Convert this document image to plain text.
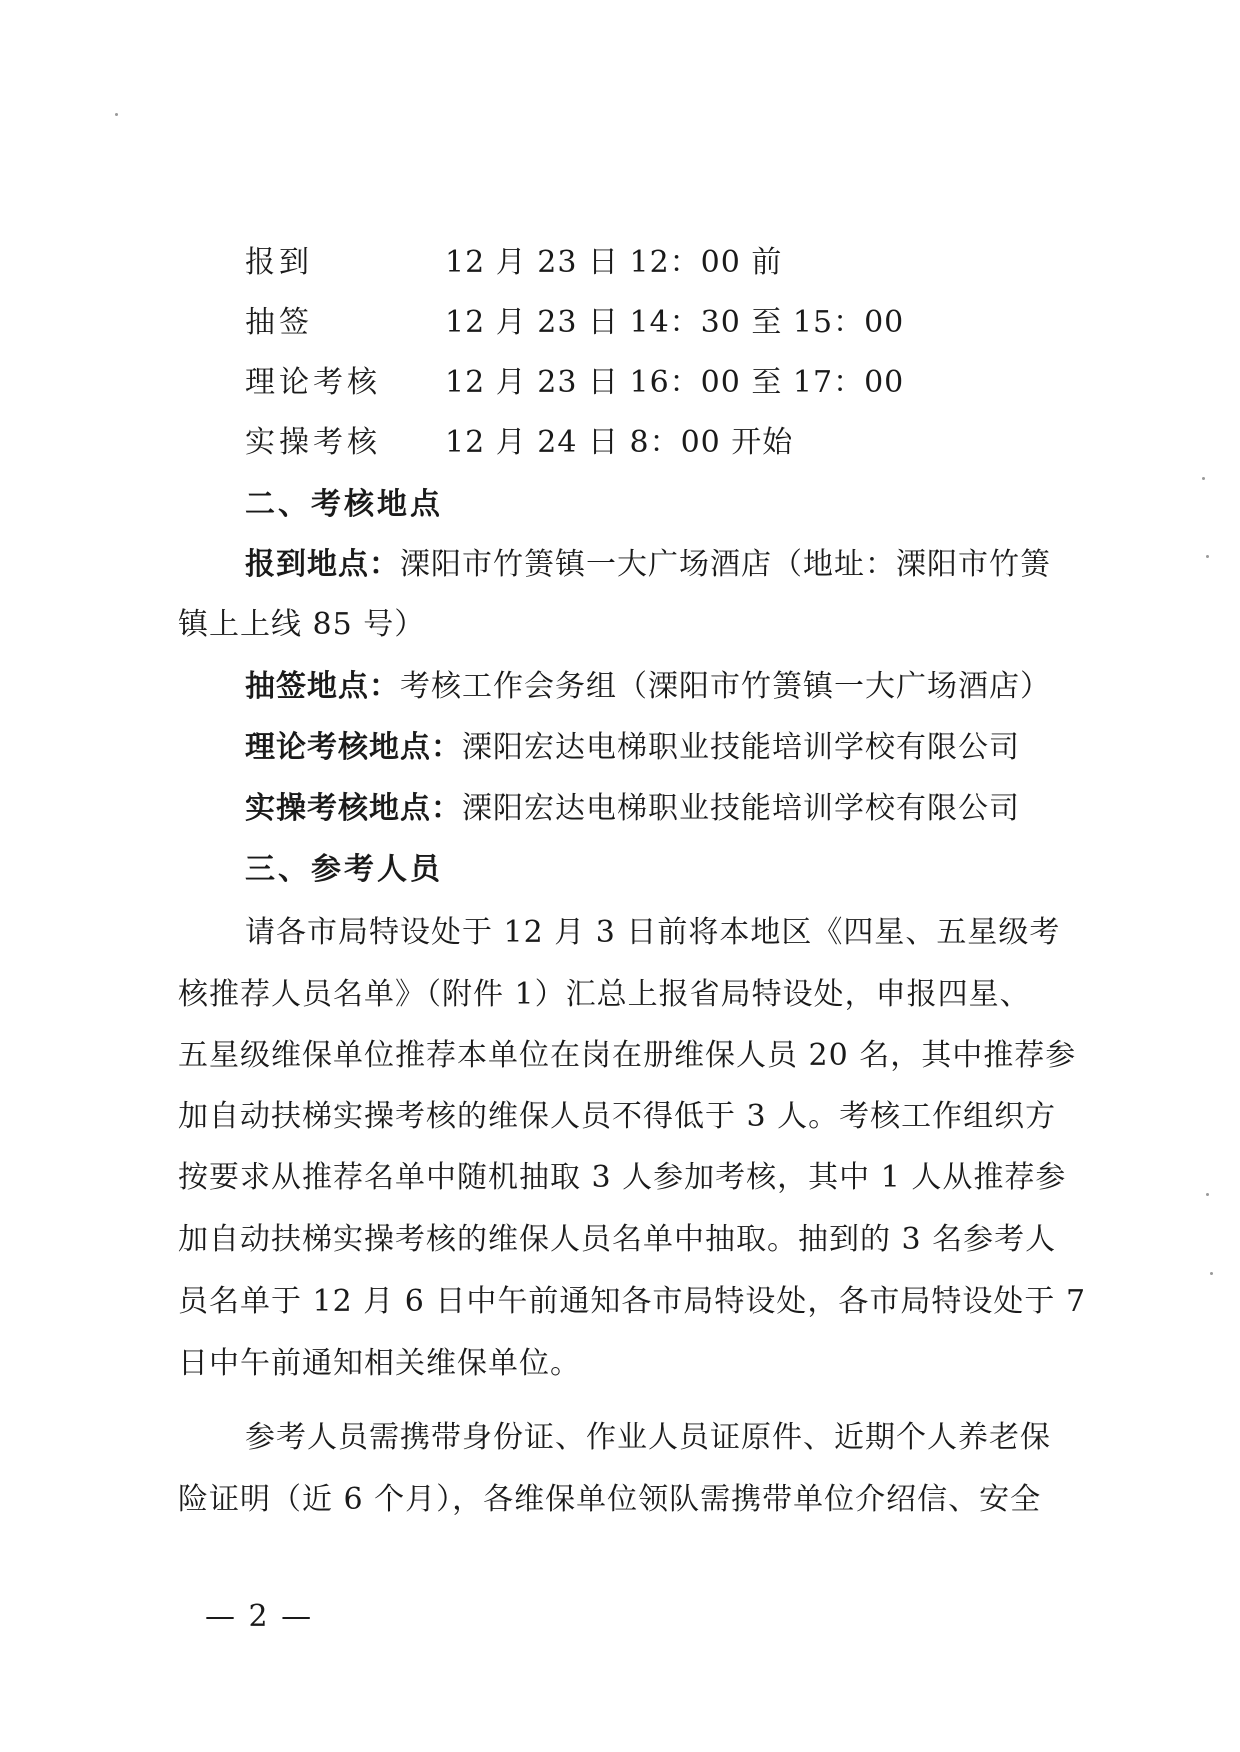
报到	12 月 23 日 12：00 前
抽签	12 月 23 日 14：30 至 15：00
理论考核 12 月 23 日 16：00 至 17：00
实操考核 12 月 24 日 8：00 开始
二、考核地点
报到地点：溧阳市竹箦镇一大广场酒店（地址：溧阳市竹箦
镇上上线 85 号）
抽签地点：考核工作会务组（溧阳市竹箦镇一大广场酒店）
理论考核地点：溧阳宏达电梯职业技能培训学校有限公司
实操考核地点：溧阳宏达电梯职业技能培训学校有限公司
三、参考人员
请各市局特设处于 12 月 3 日前将本地区《四星、五星级考
核推荐人员名单》（附件 1）汇总上报省局特设处，申报四星、
五星级维保单位推荐本单位在岗在册维保人员 20 名，其中推荐参
加自动扶梯实操考核的维保人员不得低于 3 人。考核工作组织方
按要求从推荐名单中随机抽取 3 人参加考核，其中 1 人从推荐参
加自动扶梯实操考核的维保人员名单中抽取。抽到的 3 名参考人
员名单于 12 月 6 日中午前通知各市局特设处，各市局特设处于 7
日中午前通知相关维保单位。
参考人员需携带身份证、作业人员证原件、近期个人养老保
险证明（近 6 个月），各维保单位领队需携带单位介绍信、安全
— 2 —
